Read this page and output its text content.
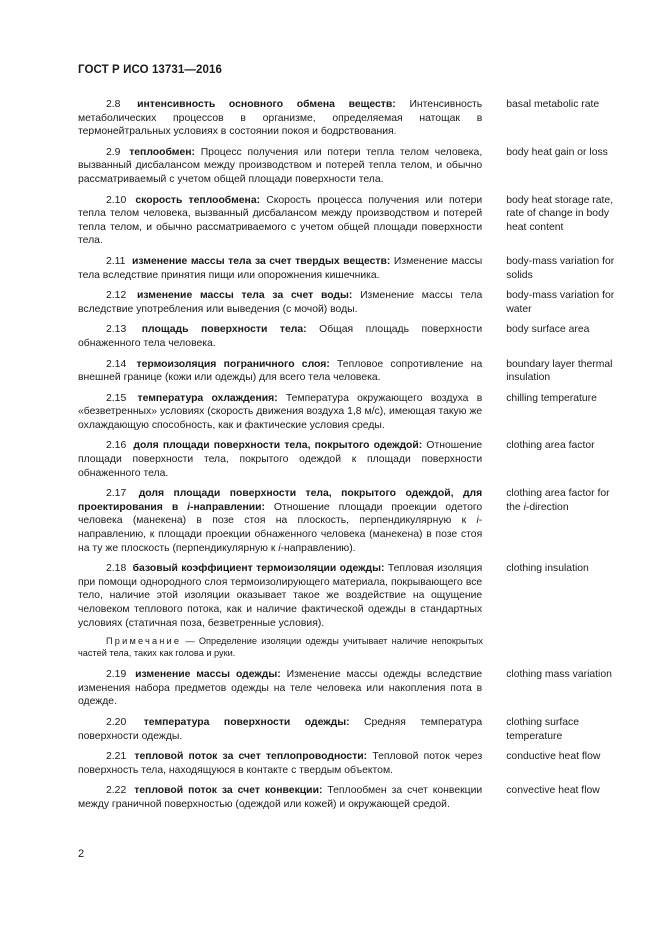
ГОСТ Р ИСО 13731—2016
2.8 интенсивность основного обмена веществ: Интенсивность метаболических процессов в организме, определяемая натощак в термонейтральных условиях в состоянии покоя и бодрствования.
basal metabolic rate
2.9 теплообмен: Процесс получения или потери тепла телом человека, вызванный дисбалансом между производством и потерей тепла телом, и обычно рассматриваемый с учетом общей площади поверхности тела.
body heat gain or loss
2.10 скорость теплообмена: Скорость процесса получения или потери тепла телом человека, вызванный дисбалансом между производством и потерей тепла телом, и обычно рассматриваемого с учетом общей площади поверхности тела.
body heat storage rate, rate of change in body heat content
2.11 изменение массы тела за счет твердых веществ: Изменение массы тела вследствие принятия пищи или опорожнения кишечника.
body-mass variation for solids
2.12 изменение массы тела за счет воды: Изменение массы тела вследствие употребления или выведения (с мочой) воды.
body-mass variation for water
2.13 площадь поверхности тела: Общая площадь поверхности обнаженного тела человека.
body surface area
2.14 термоизоляция пограничного слоя: Тепловое сопротивление на внешней границе (кожи или одежды) для всего тела человека.
boundary layer thermal insulation
2.15 температура охлаждения: Температура окружающего воздуха в «безветренных» условиях (скорость движения воздуха 1,8 м/с), имеющая такую же охлаждающую способность, как и фактические условия среды.
chilling temperature
2.16 доля площади поверхности тела, покрытого одеждой: Отношение площади поверхности тела, покрытого одеждой к площади поверхности обнаженного тела.
clothing area factor
2.17 доля площади поверхности тела, покрытого одеждой, для проектирования в i-направлении: Отношение площади проекции одетого человека (манекена) в позе стоя на плоскость, перпендикулярную к i-направлению, к площади проекции обнаженного человека (манекена) в позе стоя на ту же плоскость (перпендикулярную к i-направлению).
clothing area factor for the i-direction
2.18 базовый коэффициент термоизоляции одежды: Тепловая изоляция при помощи однородного слоя термоизолирующего материала, покрывающего все тело, наличие этой изоляции оказывает такое же воздействие на ощущение человеком теплового потока, как и наличие фактической одежды в стандартных условиях (статичная поза, безветренные условия).
clothing insulation
Примечание — Определение изоляции одежды учитывает наличие непокрытых частей тела, таких как голова и руки.
2.19 изменение массы одежды: Изменение массы одежды вследствие изменения набора предметов одежды на теле человека или накопления пота в одежде.
clothing mass variation
2.20 температура поверхности одежды: Средняя температура поверхности одежды.
clothing surface temperature
2.21 тепловой поток за счет теплопроводности: Тепловой поток через поверхность тела, находящуюся в контакте с твердым объектом.
conductive heat flow
2.22 тепловой поток за счет конвекции: Теплообмен за счет конвекции между граничной поверхностью (одеждой или кожей) и окружающей средой.
convective heat flow
2
